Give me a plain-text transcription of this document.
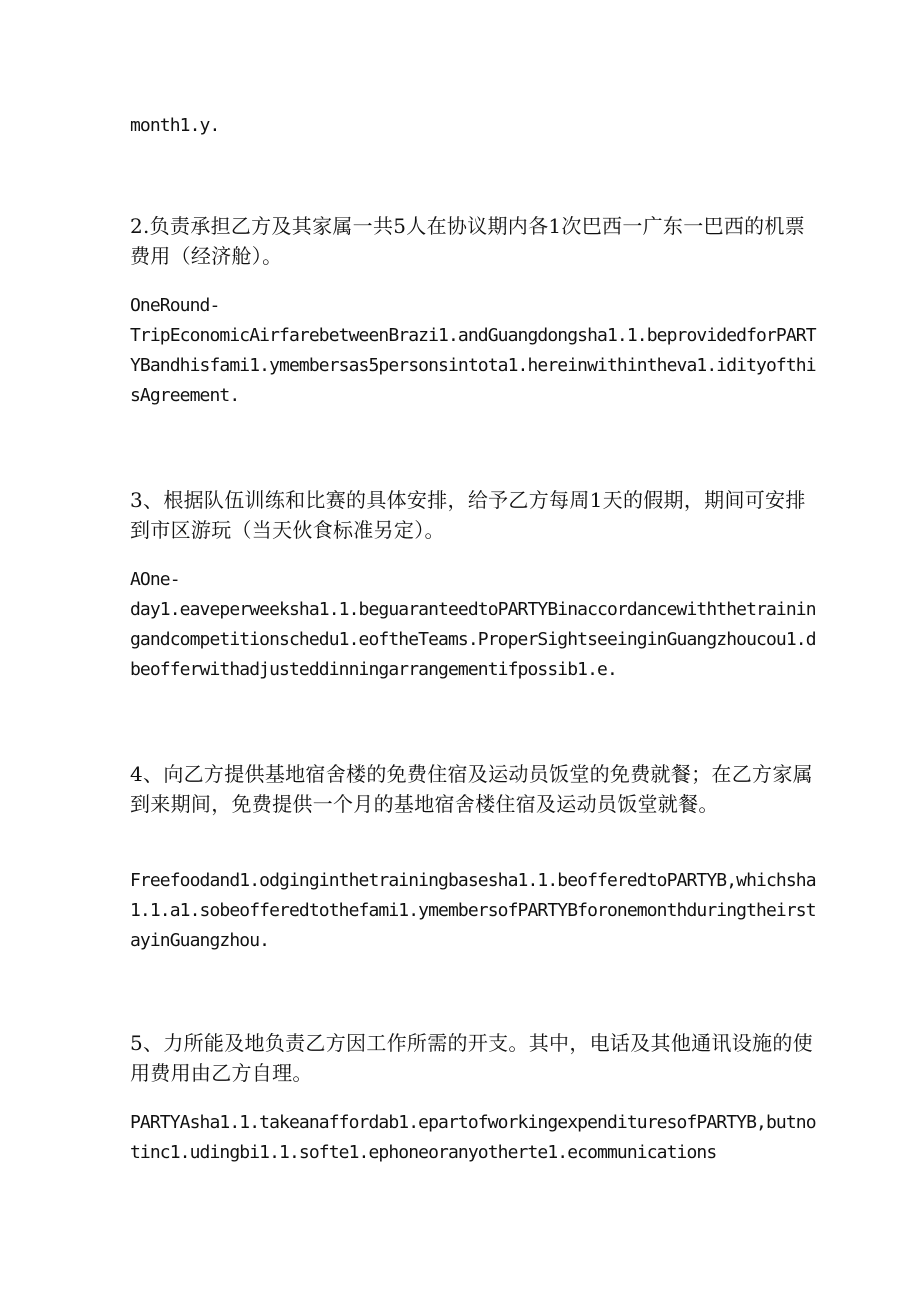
month1.y.

2.负责承担乙方及其家属一共5人在协议期内各1次巴西一广东一巴西的机票费用（经济舱）。

OneRound-
TripEconomicAirfarebetweenBrazi1.andGuangdongsha1.1.beprovidedforPARTYBandhisfami1.ymembersas5personsintota1.hereinwithintheva1.idityofthisAgreement.

3、根据队伍训练和比赛的具体安排，给予乙方每周1天的假期，期间可安排到市区游玩（当天伙食标准另定）。

AOne-
day1.eaveperweeksha1.1.beguaranteedtoPARTYBinaccordancewiththetrainingandcompetitionschedu1.eoftheTeams.ProperSightseeinginGuangzhoucou1.dbeofferwithadjusteddinningarrangementifpossib1.e.

4、向乙方提供基地宿舍楼的免费住宿及运动员饭堂的免费就餐；在乙方家属到来期间，免费提供一个月的基地宿舍楼住宿及运动员饭堂就餐。

Freefoodand1.odginginthetrainingbasesha1.1.beofferedtoPARTYB,whichsha1.1.a1.sobeofferedtothefami1.ymembersofPARTYBforonemonthduringtheirstayinGuangzhou.

5、力所能及地负责乙方因工作所需的开支。其中，电话及其他通讯设施的使用费用由乙方自理。

PARTYAsha1.1.takeanaffordab1.epartofworkingexpendituresofPARTYB,butnotinc1.udingbi1.1.softe1.ephoneoranyotherte1.ecommunications
